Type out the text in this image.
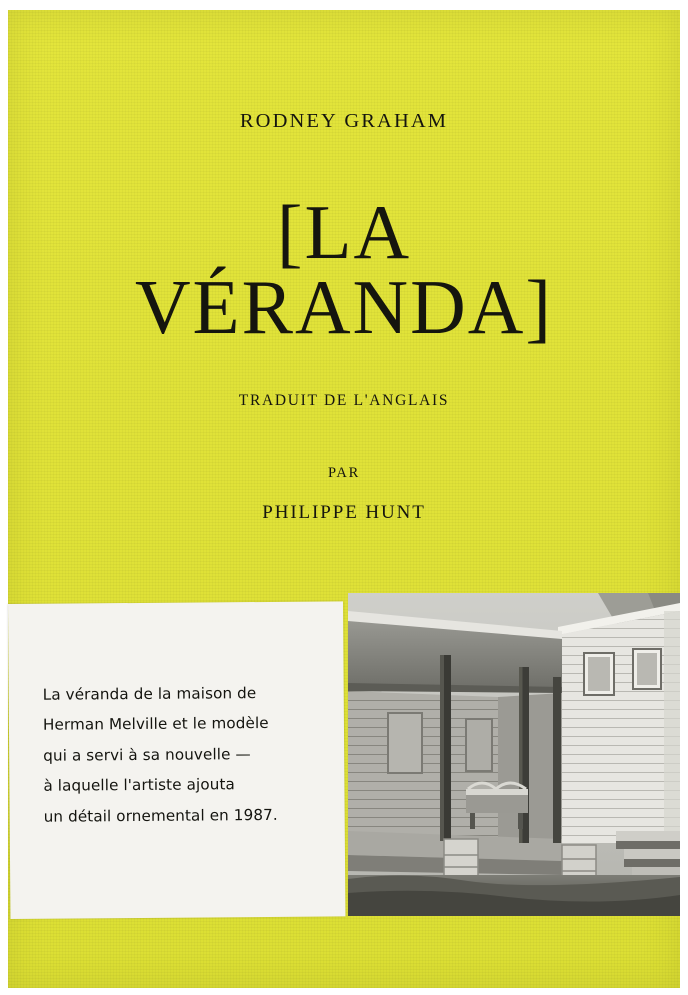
RODNEY GRAHAM
[LA
VÉRANDA]
TRADUIT DE L'ANGLAIS
PAR
PHILIPPE HUNT
La véranda de la maison de
Herman Melville et le modèle
qui a servi à sa nouvelle —
à laquelle l'artiste ajouta
un détail ornemental en 1987.
